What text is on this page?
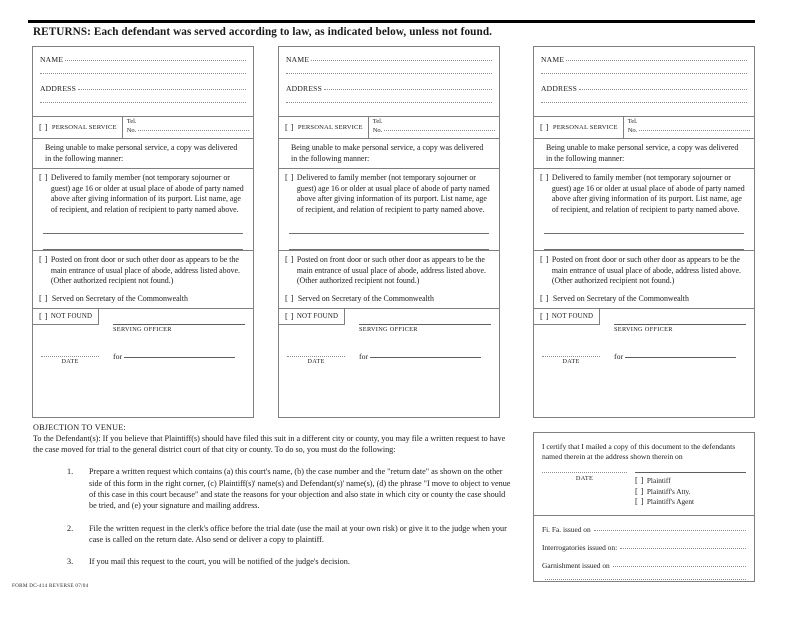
RETURNS: Each defendant was served according to law, as indicated below, unless not found.
NAME
ADDRESS
[ ] PERSONAL SERVICE
Tel.
No.
Being unable to make personal service, a copy was delivered in the following manner:
[ ] Delivered to family member (not temporary sojourner or guest) age 16 or older at usual place of abode of party named above after giving information of its purport. List name, age of recipient, and relation of recipient to party named above.
[ ] Posted on front door or such other door as appears to be the main entrance of usual place of abode, address listed above. (Other authorized recipient not found.)
[ ] Served on Secretary of the Commonwealth
[ ] NOT FOUND
SERVING OFFICER
DATE
for
NAME
ADDRESS
[ ] PERSONAL SERVICE
Tel.
No.
Being unable to make personal service, a copy was delivered in the following manner:
[ ] Delivered to family member (not temporary sojourner or guest) age 16 or older at usual place of abode of party named above after giving information of its purport. List name, age of recipient, and relation of recipient to party named above.
[ ] Posted on front door or such other door as appears to be the main entrance of usual place of abode, address listed above. (Other authorized recipient not found.)
[ ] Served on Secretary of the Commonwealth
[ ] NOT FOUND
SERVING OFFICER
DATE
for
NAME
ADDRESS
[ ] PERSONAL SERVICE
Tel.
No.
Being unable to make personal service, a copy was delivered in the following manner:
[ ] Delivered to family member (not temporary sojourner or guest) age 16 or older at usual place of abode of party named above after giving information of its purport. List name, age of recipient, and relation of recipient to party named above.
[ ] Posted on front door or such other door as appears to be the main entrance of usual place of abode, address listed above. (Other authorized recipient not found.)
[ ] Served on Secretary of the Commonwealth
[ ] NOT FOUND
SERVING OFFICER
DATE
for
OBJECTION TO VENUE:
To the Defendant(s): If you believe that Plaintiff(s) should have filed this suit in a different city or county, you may file a written request to have the case moved for trial to the general district court of that city or county. To do so, you must do the following:
1.	Prepare a written request which contains (a) this court's name, (b) the case number and the "return date" as shown on the other side of this form in the right corner, (c) Plaintiff(s)' name(s) and Defendant(s)' name(s), (d) the phrase "I move to object to venue of this case in this court because" and state the reasons for your objection and also state in which city or county the case should be tried, and (e) your signature and mailing address.
2.	File the written request in the clerk's office before the trial date (use the mail at your own risk) or give it to the judge when your case is called on the return date. Also send or deliver a copy to plaintiff.
3.	If you mail this request to the court, you will be notified of the judge's decision.
I certify that I mailed a copy of this document to the defendants named therein at the address shown therein on
DATE	[ ] Plaintiff
[ ] Plaintiff's Atty.
[ ] Plaintiff's Agent
Fi. Fa. issued on
Interrogatories issued on:
Garnishment issued on
FORM DC-414 REVERSE 07/04
